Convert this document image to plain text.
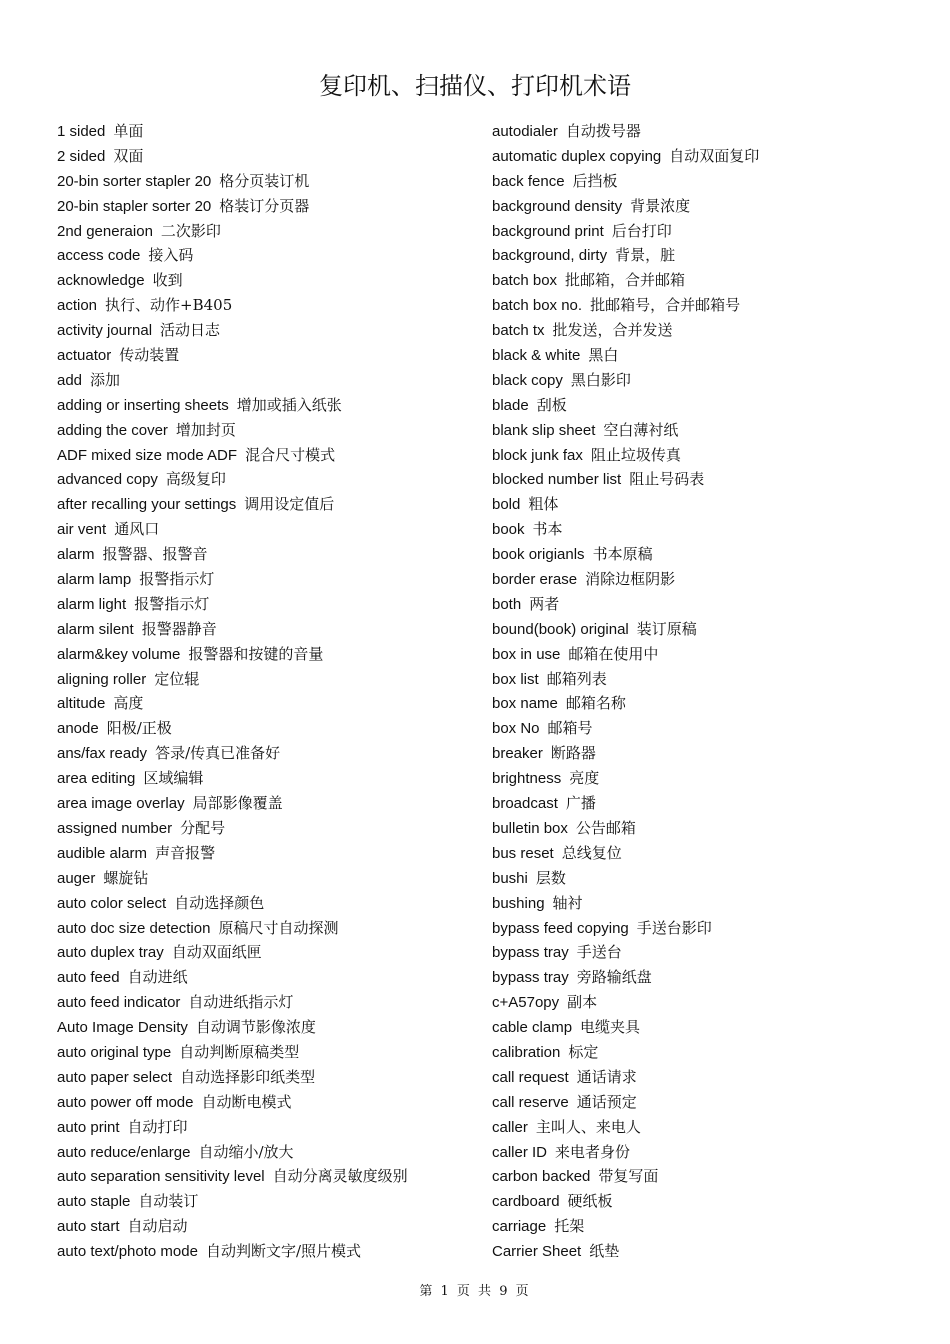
复印机、扫描仪、打印机术语
1 sided 单面
2 sided 双面
20-bin sorter stapler 20 格分页装订机
20-bin stapler sorter 20 格装订分页器
2nd generaion 二次影印
access code 接入码
acknowledge 收到
action 执行、动作+B405
activity journal 活动日志
actuator 传动装置
add 添加
adding or inserting sheets 增加或插入纸张
adding the cover 增加封页
ADF mixed size mode ADF 混合尺寸模式
advanced copy 高级复印
after recalling your settings 调用设定值后
air vent 通风口
alarm 报警器、报警音
alarm lamp 报警指示灯
alarm light 报警指示灯
alarm silent 报警器静音
alarm&key volume 报警器和按键的音量
aligning roller 定位辊
altitude 高度
anode 阳极/正极
ans/fax ready 答录/传真已准备好
area editing 区域编辑
area image overlay 局部影像覆盖
assigned number 分配号
audible alarm 声音报警
auger 螺旋钻
auto color select 自动选择颜色
auto doc size detection 原稿尺寸自动探测
auto duplex tray 自动双面纸匣
auto feed 自动进纸
auto feed indicator 自动进纸指示灯
Auto Image Density 自动调节影像浓度
auto original type 自动判断原稿类型
auto paper select 自动选择影印纸类型
auto power off mode 自动断电模式
auto print 自动打印
auto reduce/enlarge 自动缩小/放大
auto separation sensitivity level 自动分离灵敏度级别
auto staple 自动装订
auto start 自动启动
auto text/photo mode 自动判断文字/照片模式
autodialer 自动拨号器
automatic duplex copying 自动双面复印
back fence 后挡板
background density 背景浓度
background print 后台打印
background, dirty 背景，脏
batch box 批邮箱，合并邮箱
batch box no. 批邮箱号，合并邮箱号
batch tx 批发送，合并发送
black & white 黑白
black copy 黑白影印
blade 刮板
blank slip sheet 空白薄衬纸
block junk fax 阻止垃圾传真
blocked number list 阻止号码表
bold 粗体
book 书本
book origianls 书本原稿
border erase 消除边框阴影
both 两者
bound(book) original 装订原稿
box in use 邮箱在使用中
box list 邮箱列表
box name 邮箱名称
box No 邮箱号
breaker 断路器
brightness 亮度
broadcast 广播
bulletin box 公告邮箱
bus reset 总线复位
bushi 层数
bushing 轴衬
bypass feed copying 手送台影印
bypass tray 手送台
bypass tray 旁路输纸盘
c+A57opy 副本
cable clamp 电缆夹具
calibration 标定
call request 通话请求
call reserve 通话预定
caller 主叫人、来电人
caller ID 来电者身份
carbon backed 带复写面
cardboard 硬纸板
carriage 托架
Carrier Sheet 纸垫
第 1 页 共 9 页
